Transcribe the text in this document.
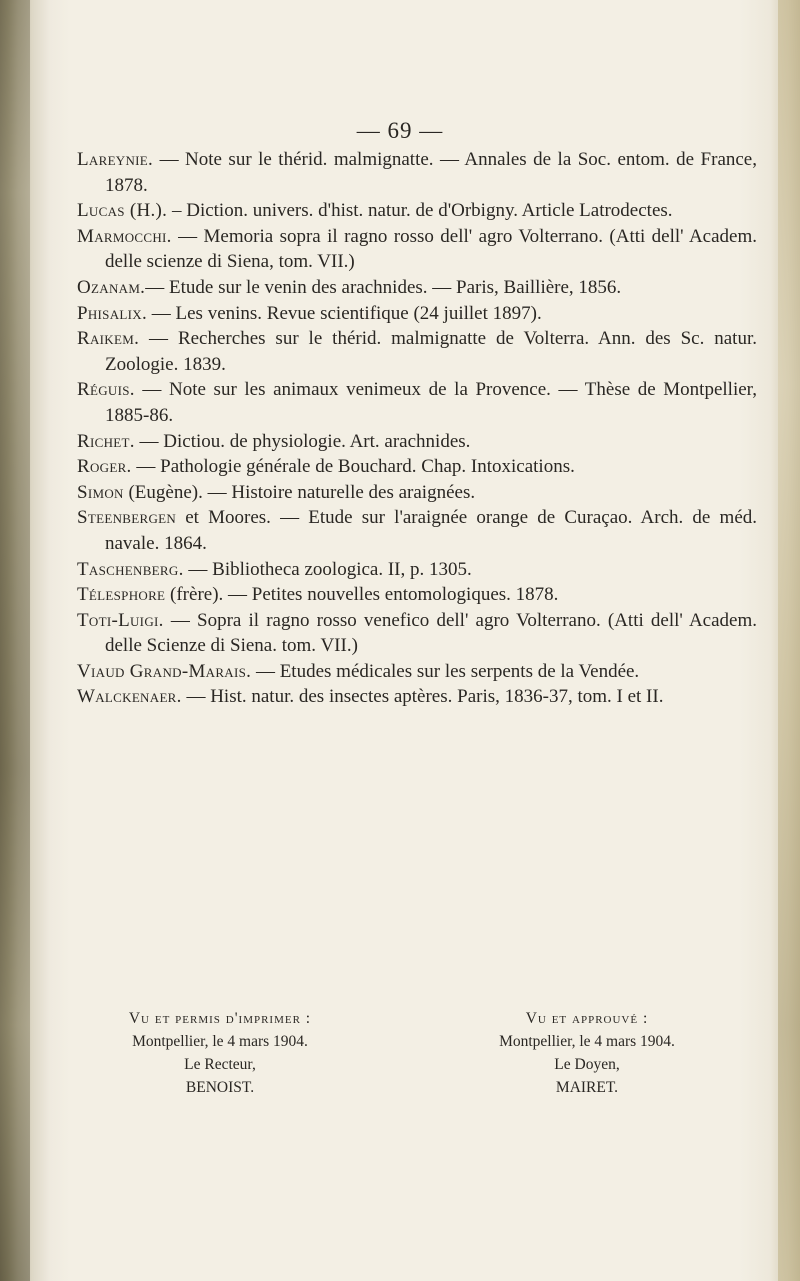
— 69 —

Lareynie. — Note sur le thérid. malmignatte. — Annales de la Soc. entom. de France, 1878.

Lucas (H.). – Diction. univers. d'hist. natur. de d'Orbigny. Article Latrodectes.

Marmocchi. — Memoria sopra il ragno rosso dell' agro Volterrano. (Atti dell' Academ. delle scienze di Siena, tom. VII.)

Ozanam.— Etude sur le venin des arachnides. — Paris, Baillière, 1856.

Phisalix. — Les venins. Revue scientifique (24 juillet 1897).

Raikem. — Recherches sur le thérid. malmignatte de Volterra. Ann. des Sc. natur. Zoologie. 1839.

Réguis. — Note sur les animaux venimeux de la Provence. — Thèse de Montpellier, 1885-86.

Richet. — Dictiou. de physiologie. Art. arachnides.

Roger. — Pathologie générale de Bouchard. Chap. Intoxications.

Simon (Eugène). — Histoire naturelle des araignées.

Steenbergen et Moores. — Etude sur l'araignée orange de Curaçao. Arch. de méd. navale. 1864.

Taschenberg. — Bibliotheca zoologica. II, p. 1305.

Télesphore (frère). — Petites nouvelles entomologiques. 1878.

Toti-Luigi. — Sopra il ragno rosso venefico dell' agro Volterrano. (Atti dell' Academ. delle Scienze di Siena. tom. VII.)

Viaud Grand-Marais. — Etudes médicales sur les serpents de la Vendée.

Walckenaer. — Hist. natur. des insectes aptères. Paris, 1836-37, tom. I et II.

Vu et permis d'imprimer :
Montpellier, le 4 mars 1904.
Le Recteur,
BENOIST.
Vu et approuvé :
Montpellier, le 4 mars 1904.
Le Doyen,
MAIRET.
